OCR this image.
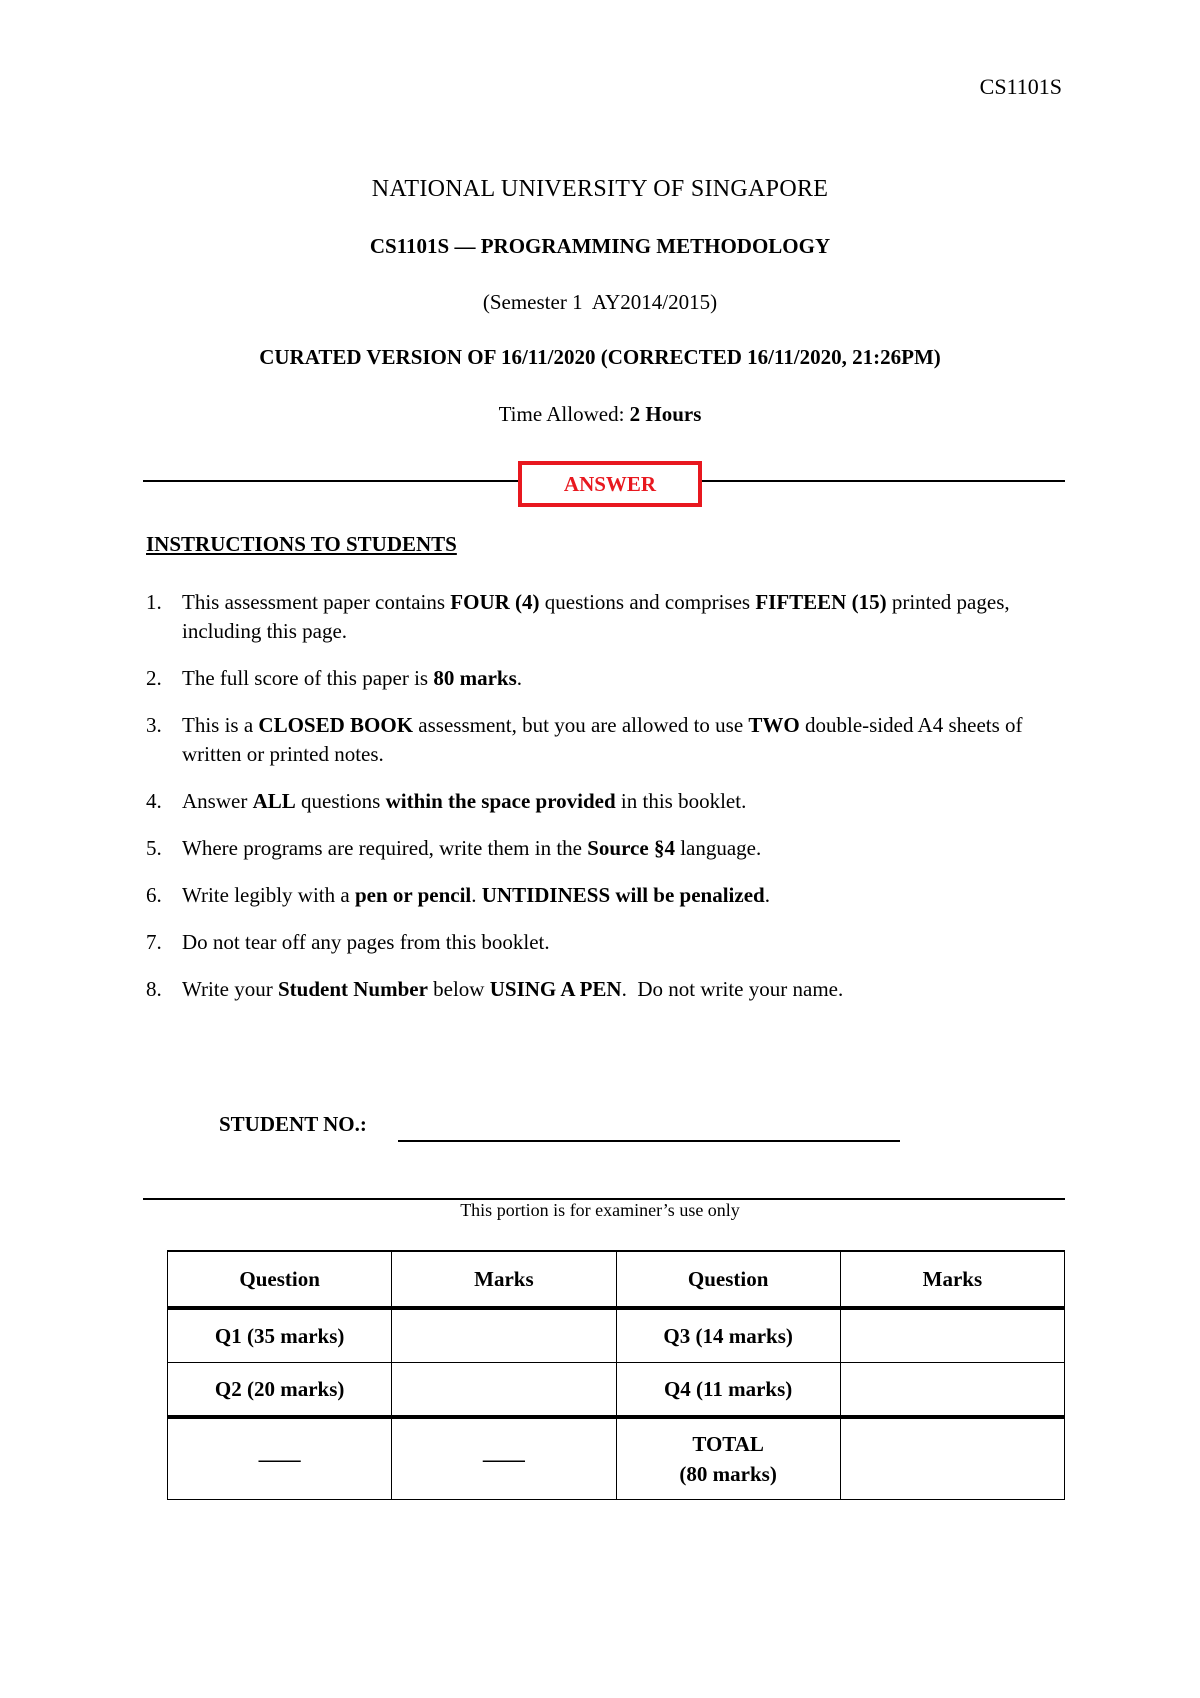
CS1101S
NATIONAL UNIVERSITY OF SINGAPORE
CS1101S — PROGRAMMING METHODOLOGY
(Semester 1  AY2014/2015)
CURATED VERSION OF 16/11/2020 (CORRECTED 16/11/2020, 21:26PM)
Time Allowed: 2 Hours
ANSWER
INSTRUCTIONS TO STUDENTS
1. This assessment paper contains FOUR (4) questions and comprises FIFTEEN (15) printed pages, including this page.
2. The full score of this paper is 80 marks.
3. This is a CLOSED BOOK assessment, but you are allowed to use TWO double-sided A4 sheets of written or printed notes.
4. Answer ALL questions within the space provided in this booklet.
5. Where programs are required, write them in the Source §4 language.
6. Write legibly with a pen or pencil. UNTIDINESS will be penalized.
7. Do not tear off any pages from this booklet.
8. Write your Student Number below USING A PEN.  Do not write your name.
STUDENT NO.:
This portion is for examiner’s use only
Question	Marks	Question	Marks
Q1 (35 marks)		Q3 (14 marks)	
Q2 (20 marks)		Q4 (11 marks)	
——	——	TOTAL
(80 marks)	
